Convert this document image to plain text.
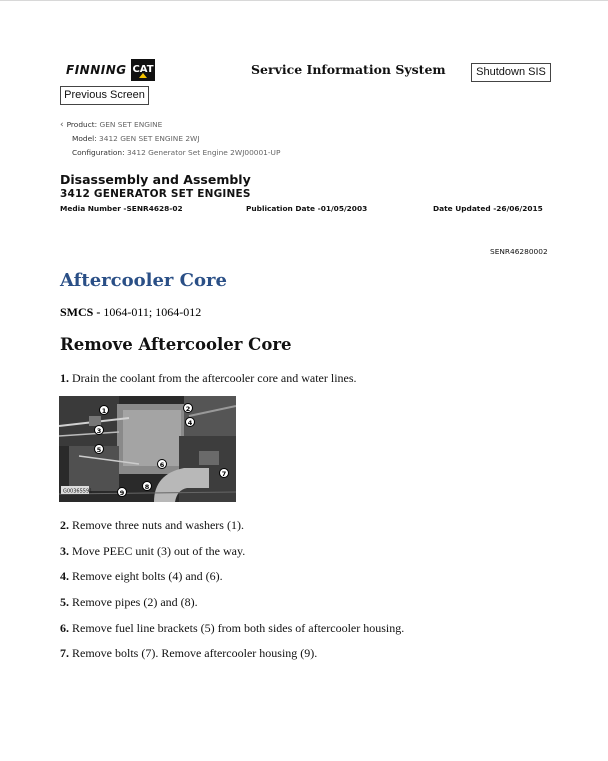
FINNING CAT
Previous Screen
Service Information System	Shutdown SIS
‹ Product: GEN SET ENGINE
Model: 3412 GEN SET ENGINE 2WJ
Configuration: 3412 Generator Set Engine 2WJ00001-UP
Disassembly and Assembly
3412 GENERATOR SET ENGINES
Media Number -SENR4628-02	Publication Date -01/05/2003	Date Updated -26/06/2015
SENR46280002
Aftercooler Core
SMCS - 1064-011; 1064-012
Remove Aftercooler Core
1. Drain the coolant from the aftercooler core and water lines.
G00365591
1	2
3
4
5
6
7
8
9
2. Remove three nuts and washers (1).
3. Move PEEC unit (3) out of the way.
4. Remove eight bolts (4) and (6).
5. Remove pipes (2) and (8).
6. Remove fuel line brackets (5) from both sides of aftercooler housing.
7. Remove bolts (7). Remove aftercooler housing (9).
